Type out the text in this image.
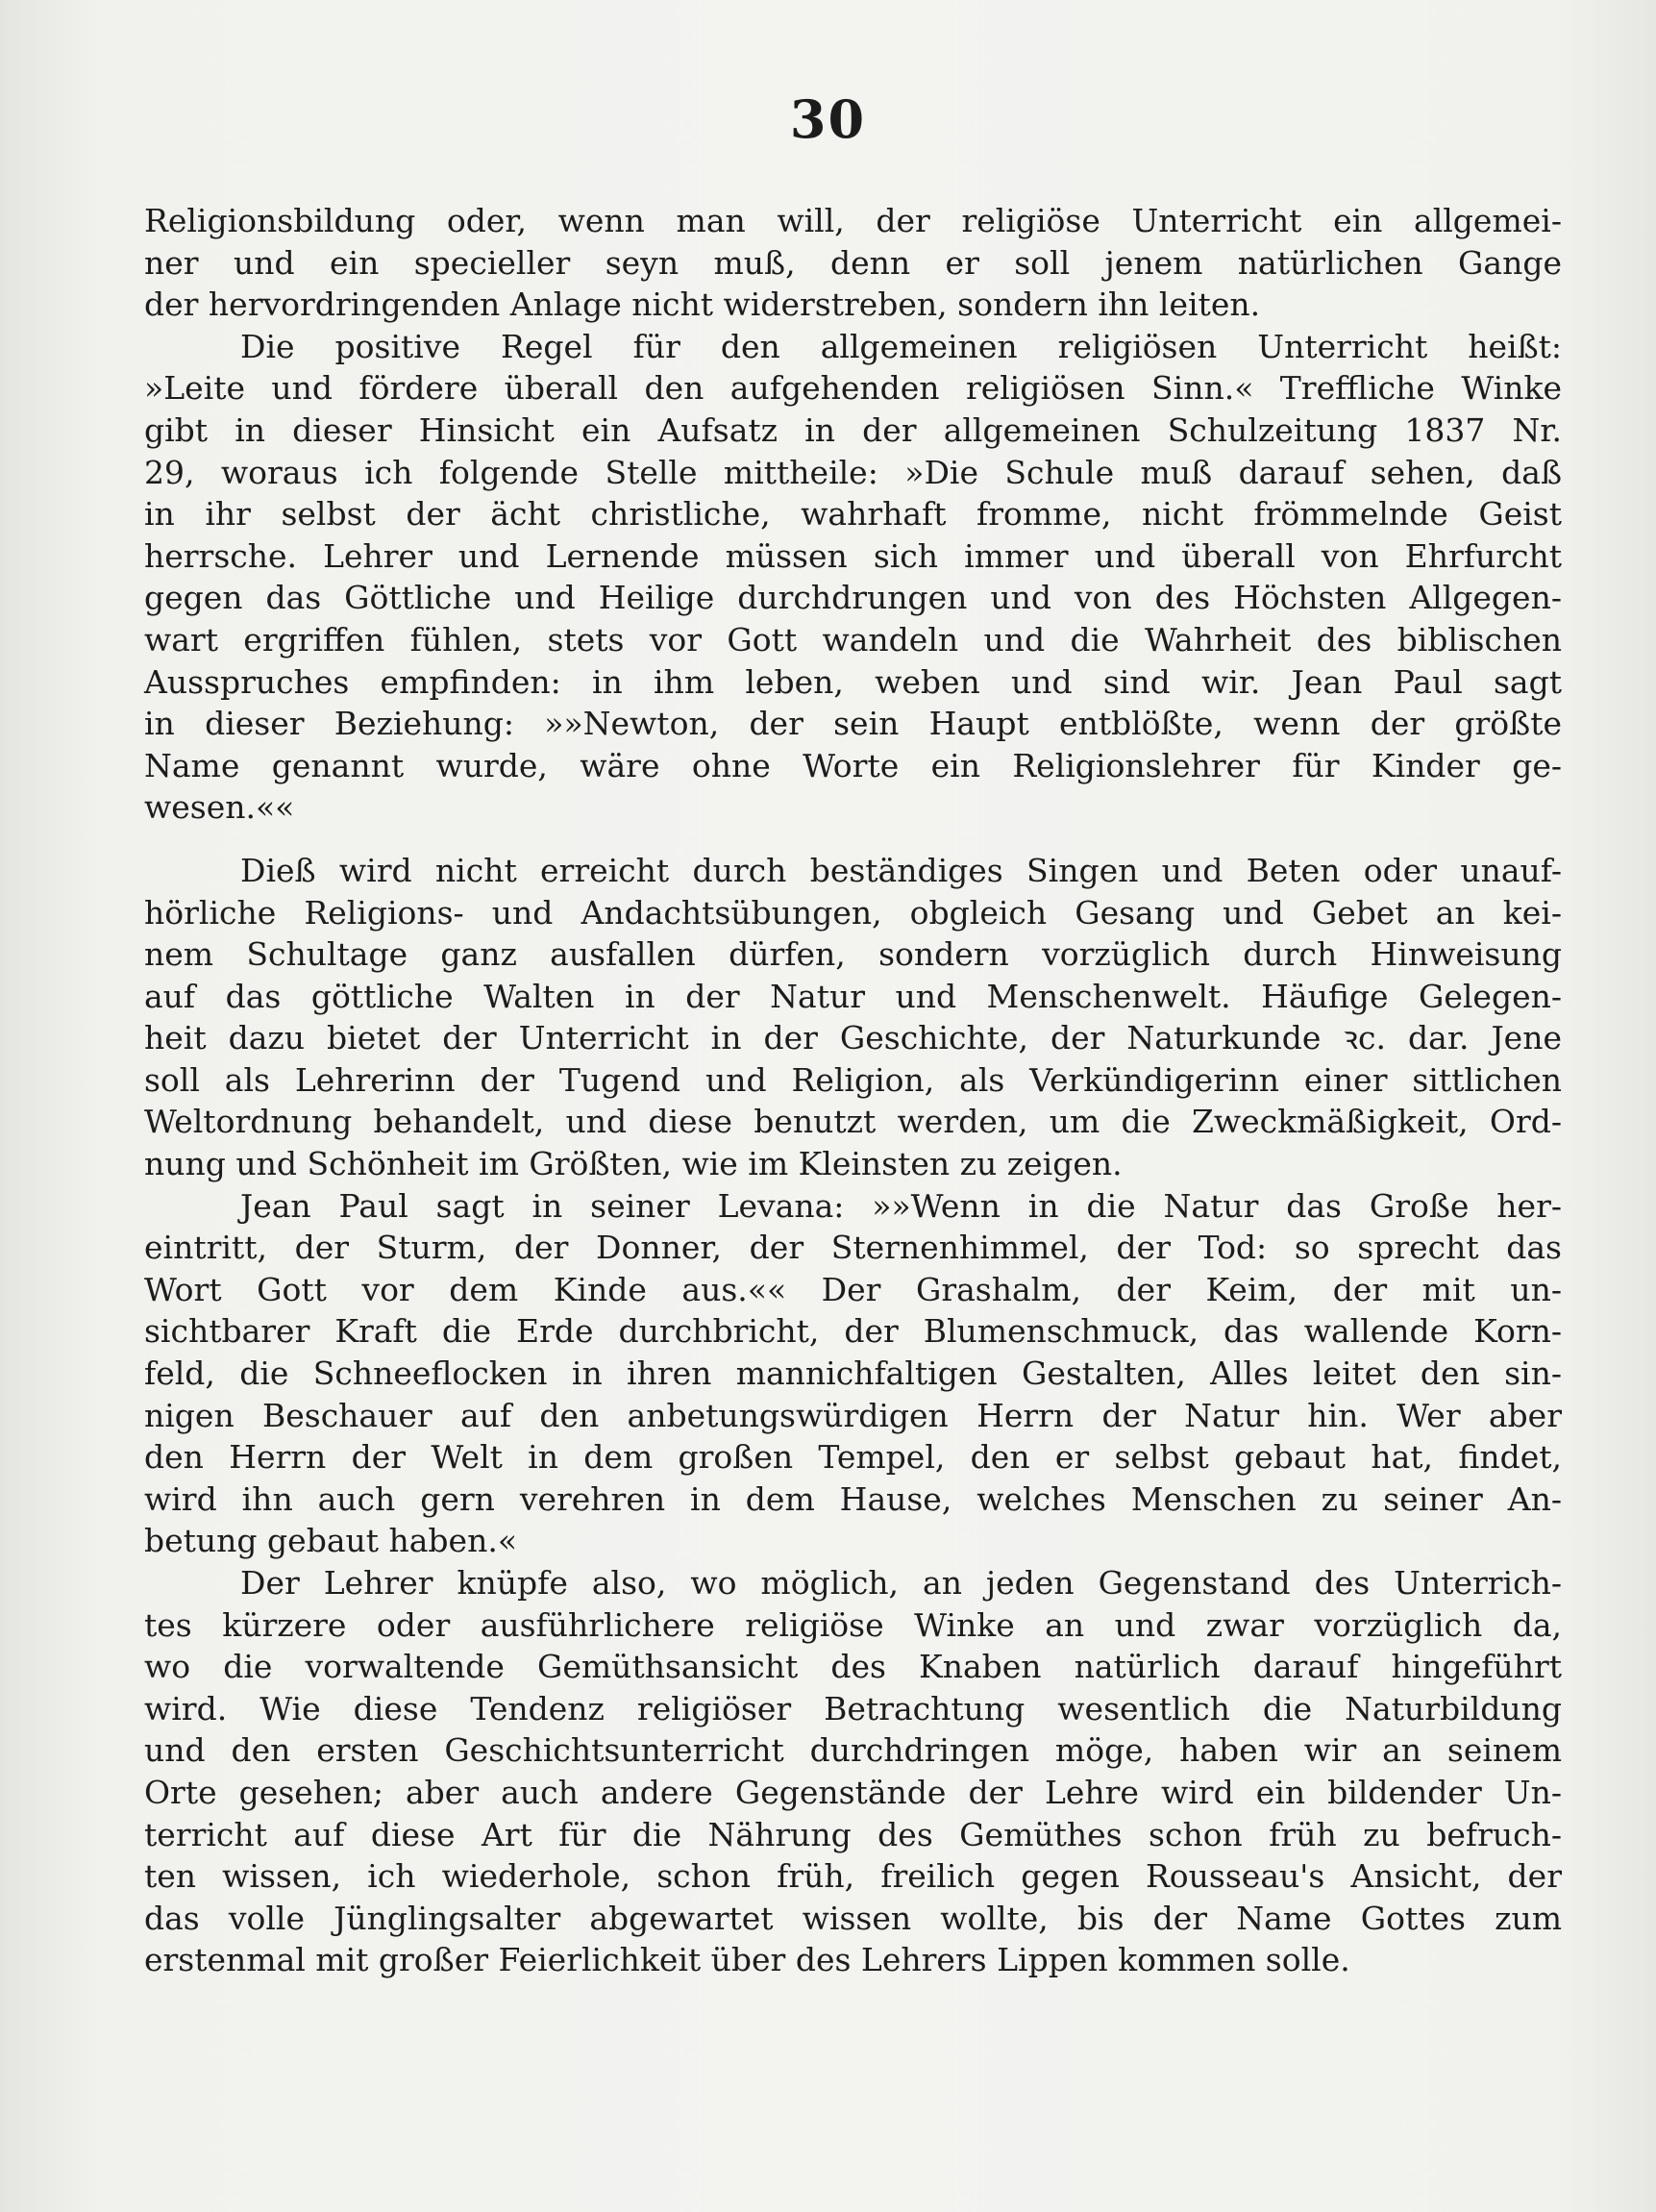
30
Religionsbildung oder, wenn man will, der religiöse Unterricht ein allgemei-
ner und ein specieller seyn muß, denn er soll jenem natürlichen Gange
der hervordringenden Anlage nicht widerstreben, sondern ihn leiten.
Die positive Regel für den allgemeinen religiösen Unterricht heißt:
»Leite und fördere überall den aufgehenden religiösen Sinn.« Treffliche Winke
gibt in dieser Hinsicht ein Aufsatz in der allgemeinen Schulzeitung 1837 Nr.
29, woraus ich folgende Stelle mittheile: »Die Schule muß darauf sehen, daß
in ihr selbst der ächt christliche, wahrhaft fromme, nicht frömmelnde Geist
herrsche. Lehrer und Lernende müssen sich immer und überall von Ehrfurcht
gegen das Göttliche und Heilige durchdrungen und von des Höchsten Allgegen-
wart ergriffen fühlen, stets vor Gott wandeln und die Wahrheit des biblischen
Ausspruches empfinden: in ihm leben, weben und sind wir. Jean Paul sagt
in dieser Beziehung: »»Newton, der sein Haupt entblößte, wenn der größte
Name genannt wurde, wäre ohne Worte ein Religionslehrer für Kinder ge-
wesen.««
Dieß wird nicht erreicht durch beständiges Singen und Beten oder unauf-
hörliche Religions- und Andachtsübungen, obgleich Gesang und Gebet an kei-
nem Schultage ganz ausfallen dürfen, sondern vorzüglich durch Hinweisung
auf das göttliche Walten in der Natur und Menschenwelt. Häufige Gelegen-
heit dazu bietet der Unterricht in der Geschichte, der Naturkunde ꝛc. dar. Jene
soll als Lehrerinn der Tugend und Religion, als Verkündigerinn einer sittlichen
Weltordnung behandelt, und diese benutzt werden, um die Zweckmäßigkeit, Ord-
nung und Schönheit im Größten, wie im Kleinsten zu zeigen.
Jean Paul sagt in seiner Levana: »»Wenn in die Natur das Große her-
eintritt, der Sturm, der Donner, der Sternenhimmel, der Tod: so sprecht das
Wort Gott vor dem Kinde aus.«« Der Grashalm, der Keim, der mit un-
sichtbarer Kraft die Erde durchbricht, der Blumenschmuck, das wallende Korn-
feld, die Schneeflocken in ihren mannichfaltigen Gestalten, Alles leitet den sin-
nigen Beschauer auf den anbetungswürdigen Herrn der Natur hin. Wer aber
den Herrn der Welt in dem großen Tempel, den er selbst gebaut hat, findet,
wird ihn auch gern verehren in dem Hause, welches Menschen zu seiner An-
betung gebaut haben.«
Der Lehrer knüpfe also, wo möglich, an jeden Gegenstand des Unterrich-
tes kürzere oder ausführlichere religiöse Winke an und zwar vorzüglich da,
wo die vorwaltende Gemüthsansicht des Knaben natürlich darauf hingeführt
wird. Wie diese Tendenz religiöser Betrachtung wesentlich die Naturbildung
und den ersten Geschichtsunterricht durchdringen möge, haben wir an seinem
Orte gesehen; aber auch andere Gegenstände der Lehre wird ein bildender Un-
terricht auf diese Art für die Nährung des Gemüthes schon früh zu befruch-
ten wissen, ich wiederhole, schon früh, freilich gegen Rousseau's Ansicht, der
das volle Jünglingsalter abgewartet wissen wollte, bis der Name Gottes zum
erstenmal mit großer Feierlichkeit über des Lehrers Lippen kommen solle.
